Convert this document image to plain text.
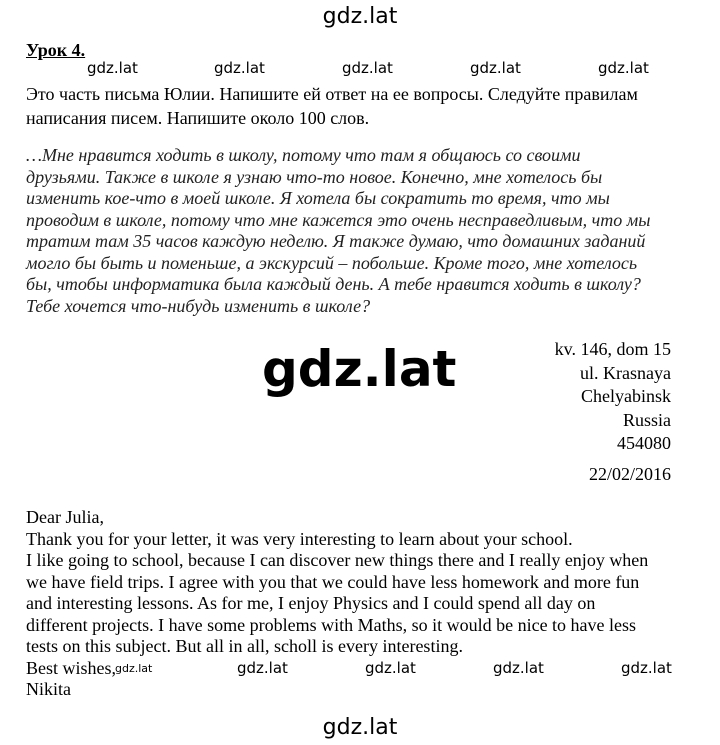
gdz.lat
gdz.lat
gdz.lat
gdz.lat	gdz.lat	gdz.lat	gdz.lat	gdz.lat
gdz.lat	gdz.lat	gdz.lat	gdz.lat	gdz.lat
Урок 4.
Это часть письма Юлии. Напишите ей ответ на ее вопросы. Следуйте правилам
написания писем. Напишите около 100 слов.
…Мне нравится ходить в школу, потому что там я общаюсь со своими
друзьями. Также в школе я узнаю что-то новое. Конечно, мне хотелось бы
изменить кое-что в моей школе. Я хотела бы сократить то время, что мы
проводим в школе, потому что мне кажется это очень несправедливым, что мы
тратим там 35 часов каждую неделю. Я также думаю, что домашних заданий
могло бы быть и поменьше, а экскурсий – побольше. Кроме того, мне хотелось
бы, чтобы информатика была каждый день. А тебе нравится ходить в школу?
Тебе хочется что-нибудь изменить в школе?
kv. 146, dom 15
ul. Krasnaya
Chelyabinsk
Russia
454080
22/02/2016
Dear Julia,
Thank you for your letter, it was very interesting to learn about your school.
I like going to school, because I can discover new things there and I really enjoy when
we have field trips. I agree with you that we could have less homework and more fun
and interesting lessons. As for me, I enjoy Physics and I could spend all day on
different projects. I have some problems with Maths, so it would be nice to have less
tests on this subject. But all in all, scholl is every interesting.
Best wishes,
Nikita
